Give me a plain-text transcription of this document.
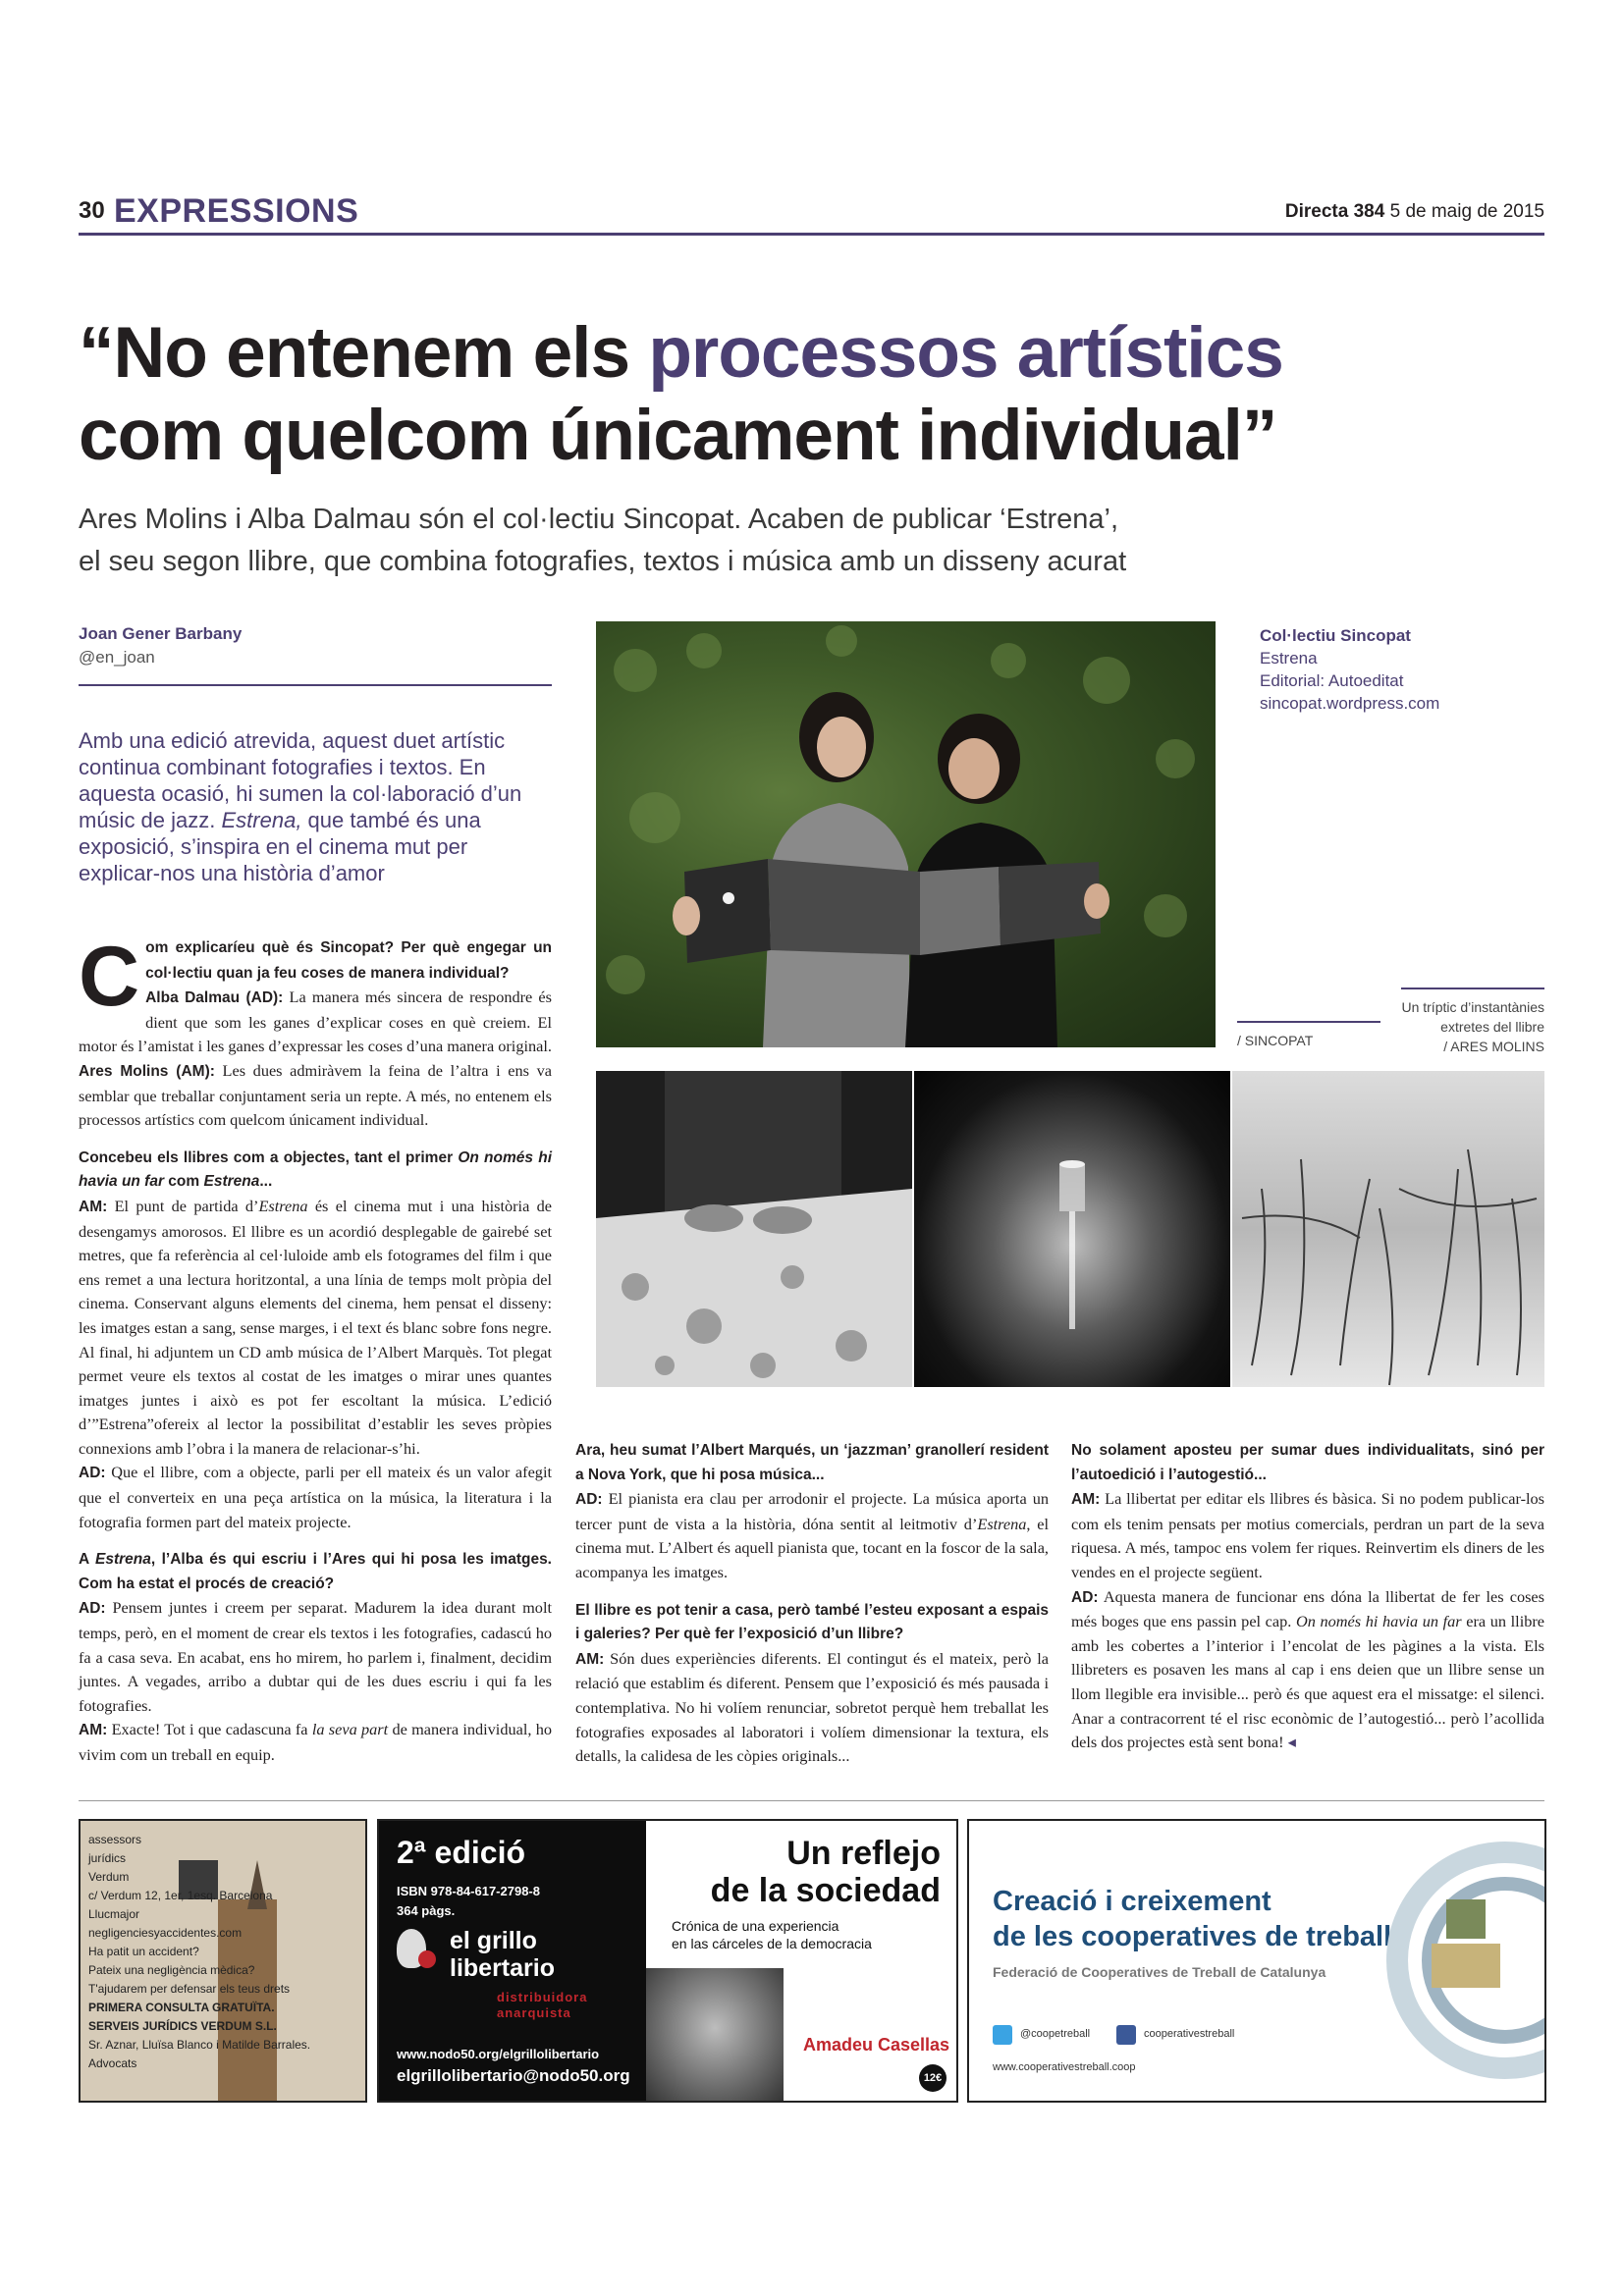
30 EXPRESSIONS	Directa 384 5 de maig de 2015
“No entenem els processos artístics
com quelcom únicament individual”
Ares Molins i Alba Dalmau són el col·lectiu Sincopat. Acaben de publicar ‘Estrena’,
el seu segon llibre, que combina fotografies, textos i música amb un disseny acurat
Joan Gener Barbany
@en_joan
Amb una edició atrevida, aquest duet artístic continua combinant fotografies i textos. En aquesta ocasió, hi sumen la col·laboració d’un músic de jazz. Estrena, que també és una exposició, s’inspira en el cinema mut per explicar-nos una història d’amor

Com explicaríeu què és Sincopat? Per què engegar un col·lectiu quan ja feu coses de manera individual?
Alba Dalmau (AD): La manera més sincera de respondre és dient que som les ganes d’explicar coses en què creiem. El motor és l’amistat i les ganes d’expressar les coses d’una manera original.
Ares Molins (AM): Les dues admiràvem la feina de l’altra i ens va semblar que treballar conjuntament seria un repte. A més, no entenem els processos artístics com quelcom únicament individual.

Concebeu els llibres com a objectes, tant el primer On només hi havia un far com Estrena...

AM: El punt de partida d’Estrena és el cinema mut i una història de desengamys amorosos. El llibre es un acordió desplegable de gairebé set metres, que fa referència al cel·luloide amb els fotogrames del film i que ens remet a una lectura horitzontal, a una línia de temps molt pròpia del cinema. Conservant alguns elements del cinema, hem pensat el disseny: les imatges estan a sang, sense marges, i el text és blanc sobre fons negre. Al final, hi adjuntem un CD amb música de l’Albert Marquès. Tot plegat permet veure els textos al costat de les imatges o mirar unes quantes imatges juntes i això es pot fer escoltant la música. L’edició d’”Estrena”ofereix al lector la possibilitat d’establir les seves pròpies connexions amb l’obra i la manera de relacionar-s’hi.
AD: Que el llibre, com a objecte, parli per ell mateix és un valor afegit que el converteix en una peça artística on la música, la literatura i la fotografia formen part del mateix projecte.

A Estrena, l’Alba és qui escriu i l’Ares qui hi posa les imatges. Com ha estat el procés de creació?

AD: Pensem juntes i creem per separat. Madurem la idea durant molt temps, però, en el moment de crear els textos i les fotografies, cadascú ho fa a casa seva. En acabat, ens ho mirem, ho parlem i, finalment, decidim juntes. A vegades, arribo a dubtar qui de les dues escriu i qui fa les fotografies.
AM: Exacte! Tot i que cadascuna fa la seva part de manera individual, ho vivim com un treball en equip.

Ara, heu sumat l’Albert Marqués, un ‘jazzman’ granollerí resident a Nova York, que hi posa música...

AD: El pianista era clau per arrodonir el projecte. La música aporta un tercer punt de vista a la història, dóna sentit al leitmotiv d’Estrena, el cinema mut. L’Albert és aquell pianista que, tocant en la foscor de la sala, acompanya les imatges.

El llibre es pot tenir a casa, però també l’esteu exposant a espais i galeries? Per què fer l’exposició d’un llibre?

AM: Són dues experiències diferents. El contingut és el mateix, però la relació que establim és diferent. Pensem que l’exposició és més pausada i contemplativa. No hi volíem renunciar, sobretot perquè hem treballat les fotografies exposades al laboratori i volíem dimensionar la textura, els detalls, la calidesa de les còpies originals...

No solament aposteu per sumar dues individualitats, sinó per l’autoedició i l’autogestió...

AM: La llibertat per editar els llibres és bàsica. Si no podem publicar-los com els tenim pensats per motius comercials, perdran un part de la seva riquesa. A més, tampoc ens volem fer riques. Reinvertim els diners de les vendes en el projecte següent.
AD: Aquesta manera de funcionar ens dóna la llibertat de fer les coses més boges que ens passin pel cap. On només hi havia un far era un llibre amb les cobertes a l’interior i l’encolat de les pàgines a la vista. Els llibreters es posaven les mans al cap i ens deien que un llibre sense un llom llegible era invisible... però és que aquest era el missatge: el silenci. Anar a contracorrent té el risc econòmic de l’autogestió... però l’acollida dels dos projectes està sent bona! ◂

Col·lectiu Sincopat
Estrena
Editorial: Autoeditat
sincopat.wordpress.com
/ SINCOPAT
Un tríptic d’instantànies extretes del llibre
/ ARES MOLINS
assessors
jurídics
Verdum
c/ Verdum 12, 1er, 1esq. Barcelona
Llucmajor
negligenciesyaccidentes.com
Ha patit un accident?
Pateix una negligència mèdica?
T'ajudarem per defensar els teus drets
PRIMERA CONSULTA GRATUÏTA.
SERVEIS JURÍDICS VERDUM S.L.
Sr. Aznar, Lluïsa Blanco i Matilde Barrales. Advocats
2ª edició
ISBN 978-84-617-2798-8
364 pàgs.
el grillo
libertario
distribuidora
anarquista
www.nodo50.org/elgrillolibertario
elgrillolibertario@nodo50.org
Un reflejo
de la sociedad
Crónica de una experiencia
en las cárceles de la democracia
Amadeu Casellas
12€
Creació i creixement
de les cooperatives de treball
Federació de Cooperatives de Treball de Catalunya
@coopetreball	cooperativestreball
www.cooperativestreball.coop
